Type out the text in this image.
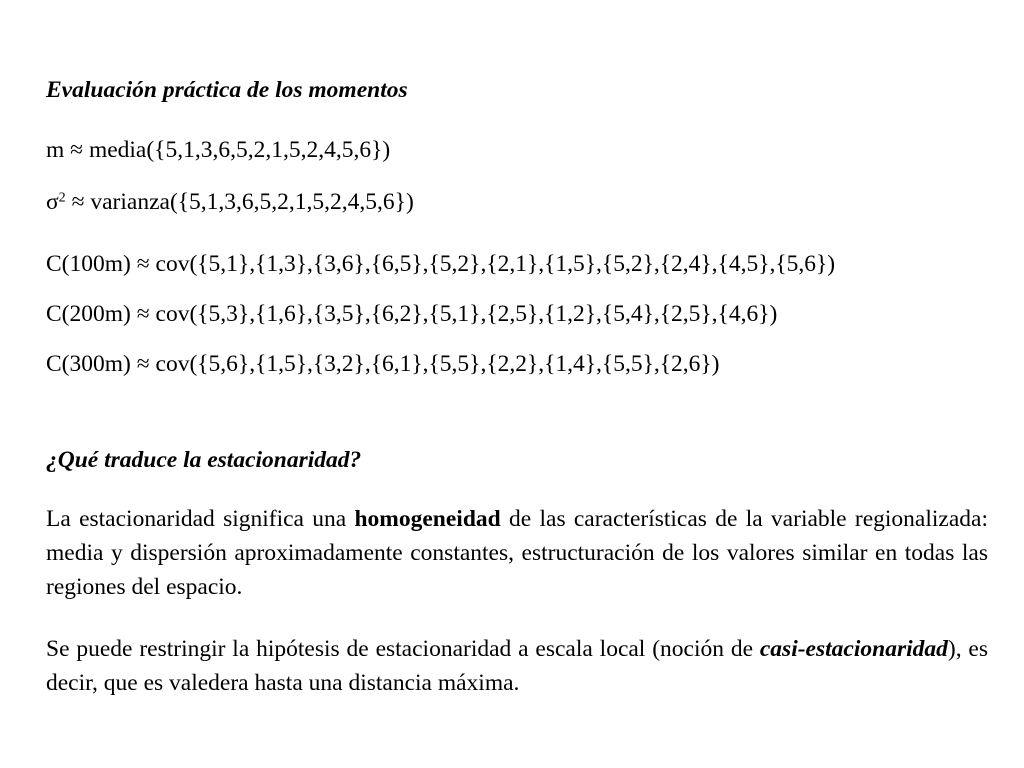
Evaluación práctica de los momentos
m ≈ media({5,1,3,6,5,2,1,5,2,4,5,6})
$\sigma^2$ ≈ varianza({5,1,3,6,5,2,1,5,2,4,5,6})
C(100m) ≈ cov({5,1},{1,3},{3,6},{6,5},{5,2},{2,1},{1,5},{5,2},{2,4},{4,5},{5,6})
C(200m) ≈ cov({5,3},{1,6},{3,5},{6,2},{5,1},{2,5},{1,2},{5,4},{2,5},{4,6})
C(300m) ≈ cov({5,6},{1,5},{3,2},{6,1},{5,5},{2,2},{1,4},{5,5},{2,6})
¿Qué traduce la estacionaridad?
La estacionaridad significa una homogeneidad de las características de la variable regionalizada: media y dispersión aproximadamente constantes, estructuración de los valores similar en todas las regiones del espacio.
Se puede restringir la hipótesis de estacionaridad a escala local (noción de casi-estacionaridad), es decir, que es valedera hasta una distancia máxima.
